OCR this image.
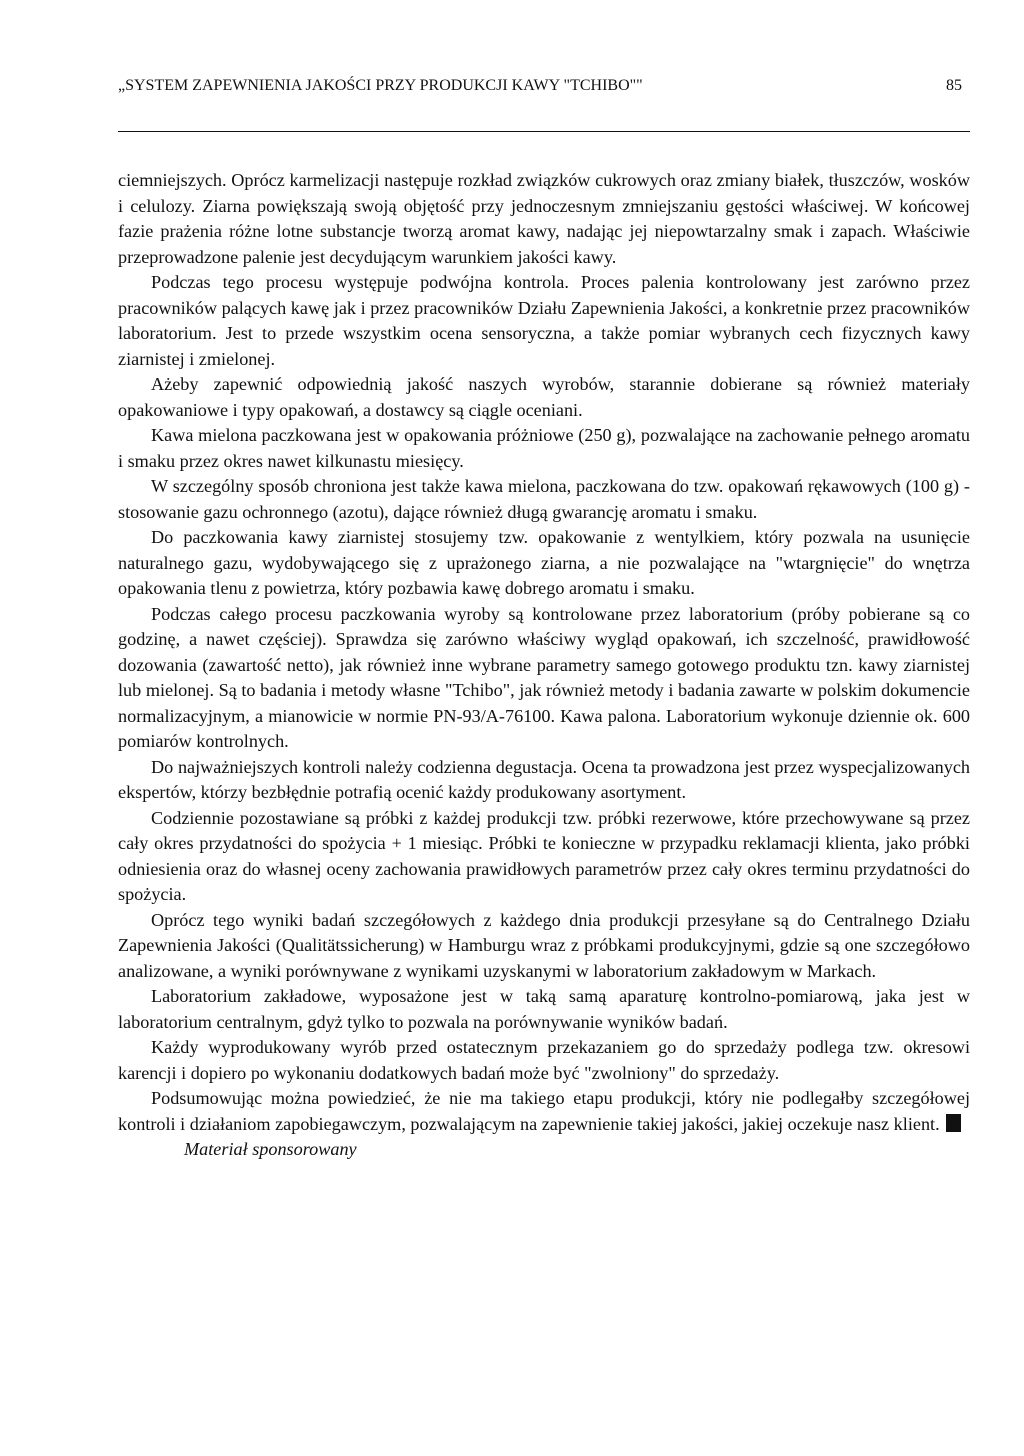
„SYSTEM ZAPEWNIENIA JAKOŚCI PRZY PRODUKCJI KAWY "TCHIBO""	85

ciemniejszych. Oprócz karmelizacji następuje rozkład związków cukrowych oraz zmiany białek, tłuszczów, wosków i celulozy. Ziarna powiększają swoją objętość przy jednoczesnym zmniejszaniu gęstości właściwej. W końcowej fazie prażenia różne lotne substancje tworzą aromat kawy, nadając jej niepowtarzalny smak i zapach. Właściwie przeprowadzone palenie jest decydującym warunkiem jakości kawy.

Podczas tego procesu występuje podwójna kontrola. Proces palenia kontrolowany jest zarówno przez pracowników palących kawę jak i przez pracowników Działu Zapewnienia Jakości, a konkretnie przez pracowników laboratorium. Jest to przede wszystkim ocena sensoryczna, a także pomiar wybranych cech fizycznych kawy ziarnistej i zmielonej.

Ażeby zapewnić odpowiednią jakość naszych wyrobów, starannie dobierane są również materiały opakowaniowe i typy opakowań, a dostawcy są ciągle oceniani.

Kawa mielona paczkowana jest w opakowania próżniowe (250 g), pozwalające na zachowanie pełnego aromatu i smaku przez okres nawet kilkunastu miesięcy.

W szczególny sposób chroniona jest także kawa mielona, paczkowana do tzw. opakowań rękawowych (100 g) - stosowanie gazu ochronnego (azotu), dające również długą gwarancję aromatu i smaku.

Do paczkowania kawy ziarnistej stosujemy tzw. opakowanie z wentylkiem, który pozwala na usunięcie naturalnego gazu, wydobywającego się z uprażonego ziarna, a nie pozwalające na "wtargnięcie" do wnętrza opakowania tlenu z powietrza, który pozbawia kawę dobrego aromatu i smaku.

Podczas całego procesu paczkowania wyroby są kontrolowane przez laboratorium (próby pobierane są co godzinę, a nawet częściej). Sprawdza się zarówno właściwy wygląd opakowań, ich szczelność, prawidłowość dozowania (zawartość netto), jak również inne wybrane parametry samego gotowego produktu tzn. kawy ziarnistej lub mielonej. Są to badania i metody własne "Tchibo", jak również metody i badania zawarte w polskim dokumencie normalizacyjnym, a mianowicie w normie PN-93/A-76100. Kawa palona. Laboratorium wykonuje dziennie ok. 600 pomiarów kontrolnych.

Do najważniejszych kontroli należy codzienna degustacja. Ocena ta prowadzona jest przez wyspecjalizowanych ekspertów, którzy bezbłędnie potrafią ocenić każdy produkowany asortyment.

Codziennie pozostawiane są próbki z każdej produkcji tzw. próbki rezerwowe, które przechowywane są przez cały okres przydatności do spożycia + 1 miesiąc. Próbki te konieczne w przypadku reklamacji klienta, jako próbki odniesienia oraz do własnej oceny zachowania prawidłowych parametrów przez cały okres terminu przydatności do spożycia.

Oprócz tego wyniki badań szczegółowych z każdego dnia produkcji przesyłane są do Centralnego Działu Zapewnienia Jakości (Qualitätssicherung) w Hamburgu wraz z próbkami produkcyjnymi, gdzie są one szczegółowo analizowane, a wyniki porównywane z wynikami uzyskanymi w laboratorium zakładowym w Markach.

Laboratorium zakładowe, wyposażone jest w taką samą aparaturę kontrolno-pomiarową, jaka jest w laboratorium centralnym, gdyż tylko to pozwala na porównywanie wyników badań.

Każdy wyprodukowany wyrób przed ostatecznym przekazaniem go do sprzedaży podlega tzw. okresowi karencji i dopiero po wykonaniu dodatkowych badań może być "zwolniony" do sprzedaży.

Podsumowując można powiedzieć, że nie ma takiego etapu produkcji, który nie podlegałby szczegółowej kontroli i działaniom zapobiegawczym, pozwalającym na zapewnienie takiej jakości, jakiej oczekuje nasz klient.

Materiał sponsorowany
